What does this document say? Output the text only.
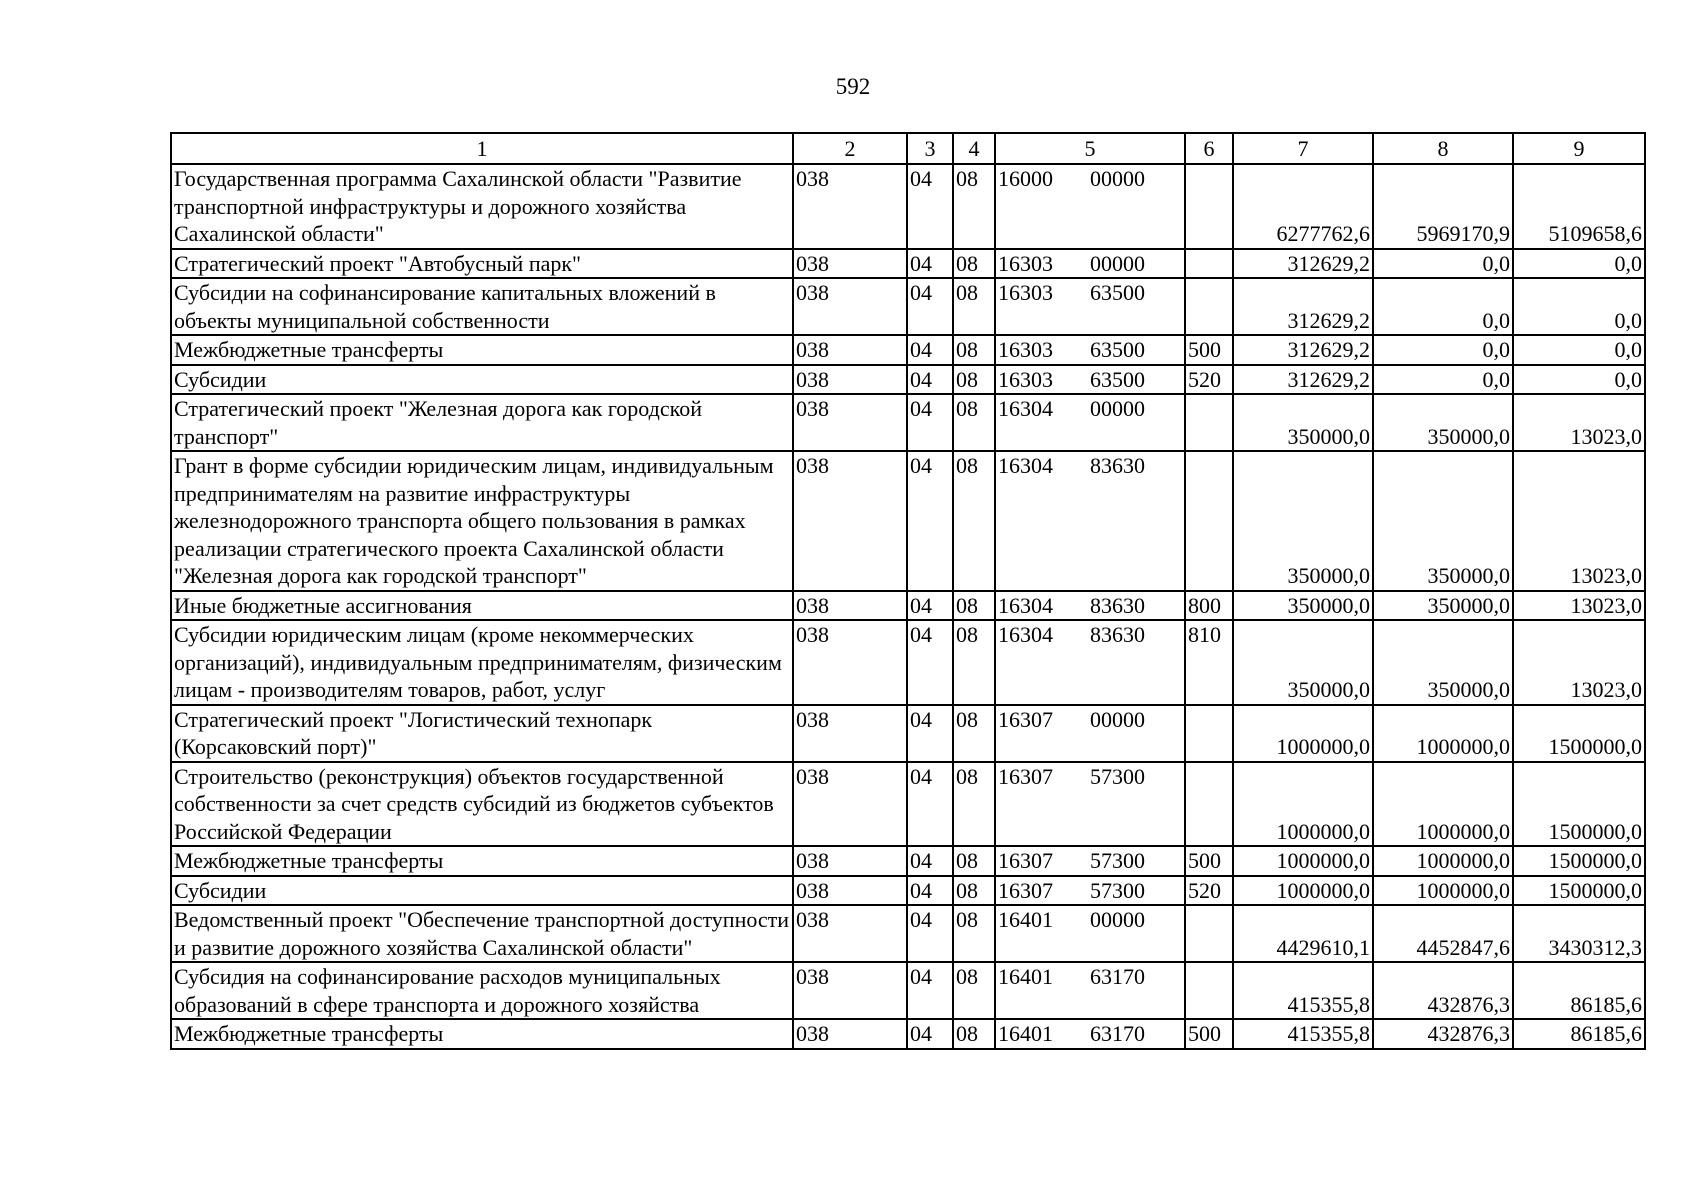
592
1	2	3	4	5	6	7	8	9
Государственная программа Сахалинской области "Развитие транспортной инфраструктуры и дорожного хозяйства Сахалинской области"	038	04	08	16000 00000		6277762,6	5969170,9	5109658,6
Стратегический проект "Автобусный парк"	038	04	08	16303 00000		312629,2	0,0	0,0
Субсидии на софинансирование капитальных вложений в объекты муниципальной собственности	038	04	08	16303 63500		312629,2	0,0	0,0
Межбюджетные трансферты	038	04	08	16303 63500	500	312629,2	0,0	0,0
Субсидии	038	04	08	16303 63500	520	312629,2	0,0	0,0
Стратегический проект "Железная дорога как городской транспорт"	038	04	08	16304 00000		350000,0	350000,0	13023,0
Грант в форме субсидии юридическим лицам, индивидуальным предпринимателям на развитие инфраструктуры железнодорожного транспорта общего пользования в рамках реализации стратегического проекта Сахалинской области "Железная дорога как городской транспорт"	038	04	08	16304 83630		350000,0	350000,0	13023,0
Иные бюджетные ассигнования	038	04	08	16304 83630	800	350000,0	350000,0	13023,0
Субсидии юридическим лицам (кроме некоммерческих организаций), индивидуальным предпринимателям, физическим лицам - производителям товаров, работ, услуг	038	04	08	16304 83630	810	350000,0	350000,0	13023,0
Стратегический проект "Логистический технопарк (Корсаковский порт)"	038	04	08	16307 00000		1000000,0	1000000,0	1500000,0
Строительство (реконструкция) объектов государственной собственности за счет средств субсидий из бюджетов субъектов Российской Федерации	038	04	08	16307 57300		1000000,0	1000000,0	1500000,0
Межбюджетные трансферты	038	04	08	16307 57300	500	1000000,0	1000000,0	1500000,0
Субсидии	038	04	08	16307 57300	520	1000000,0	1000000,0	1500000,0
Ведомственный проект "Обеспечение транспортной доступности и развитие дорожного хозяйства Сахалинской области"	038	04	08	16401 00000		4429610,1	4452847,6	3430312,3
Субсидия на софинансирование расходов муниципальных образований в сфере транспорта и дорожного хозяйства	038	04	08	16401 63170		415355,8	432876,3	86185,6
Межбюджетные трансферты	038	04	08	16401 63170	500	415355,8	432876,3	86185,6
